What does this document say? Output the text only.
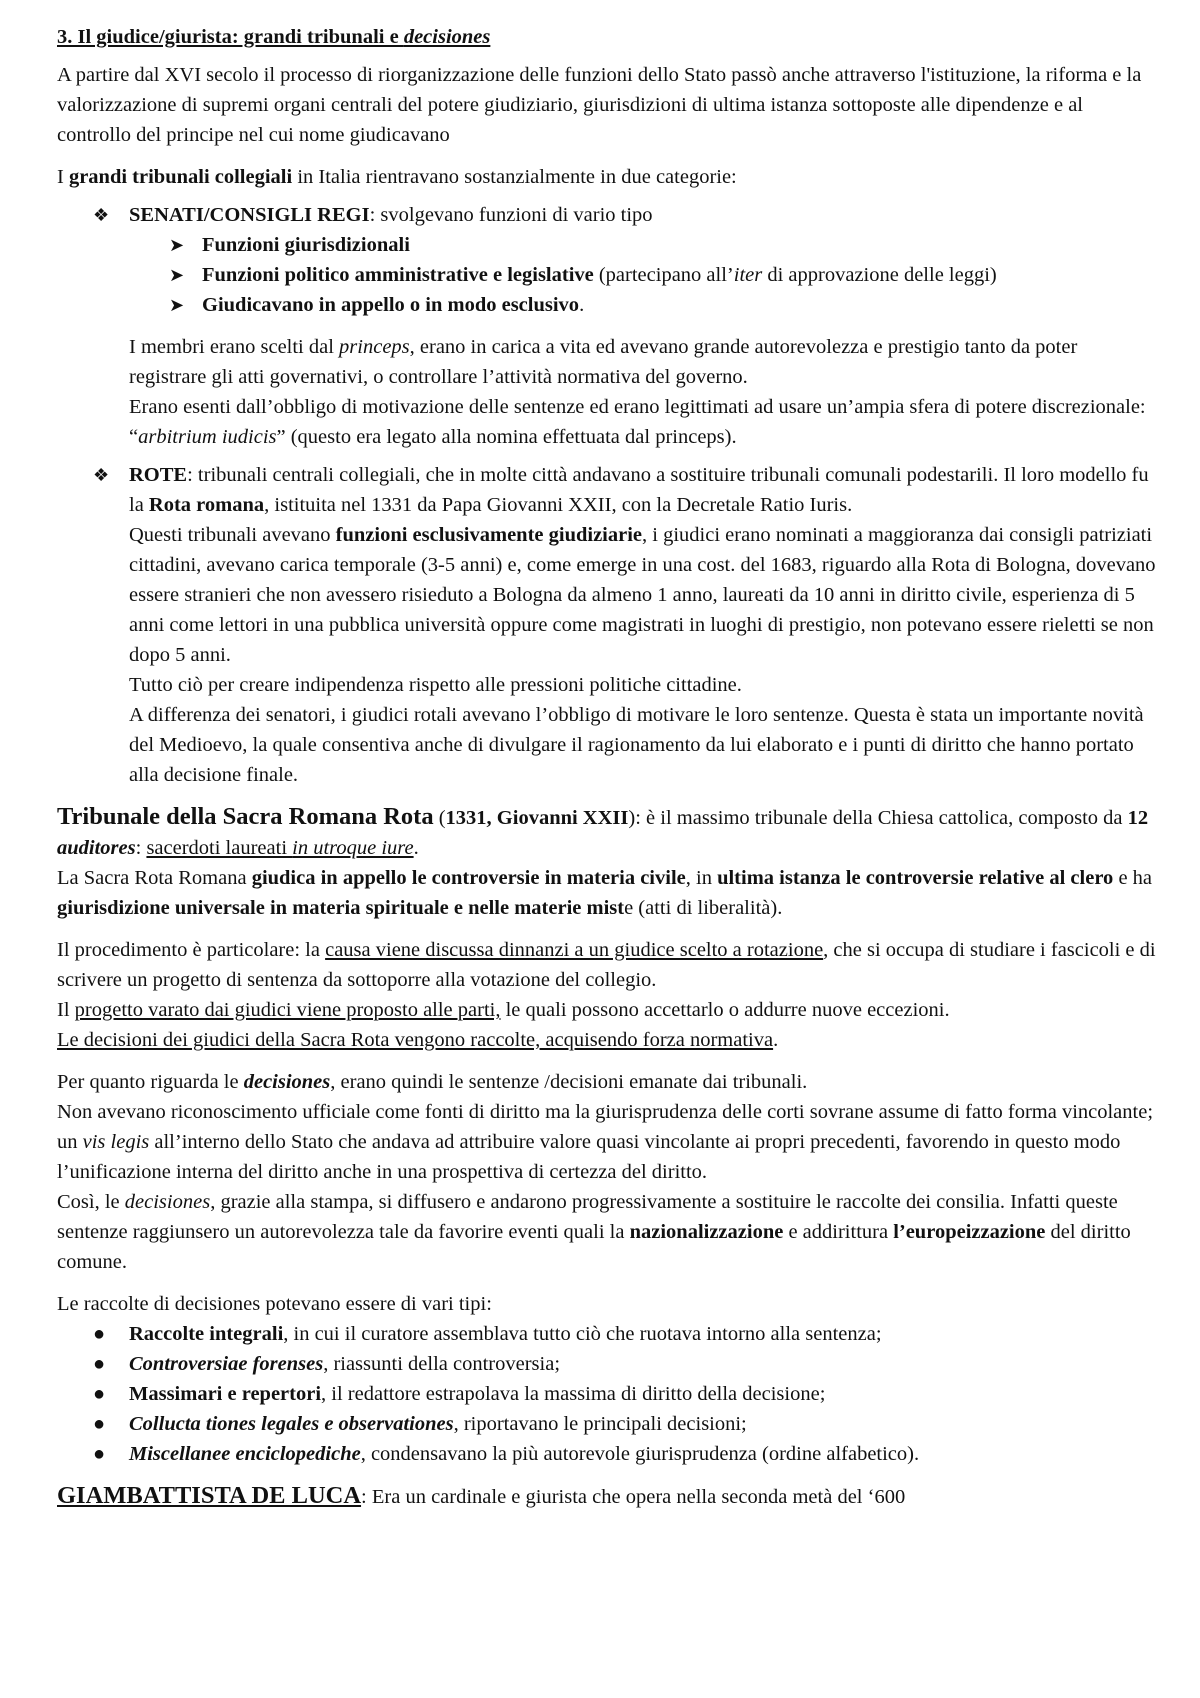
3. Il giudice/giurista: grandi tribunali e decisiones

A partire dal XVI secolo il processo di riorganizzazione delle funzioni dello Stato passò anche attraverso l'istituzione, la riforma e la valorizzazione di supremi organi centrali del potere giudiziario, giurisdizioni di ultima istanza sottoposte alle dipendenze e al controllo del principe nel cui nome giudicavano

I grandi tribunali collegiali in Italia rientravano sostanzialmente in due categorie:

❖ SENATI/CONSIGLI REGI: svolgevano funzioni di vario tipo
➤ Funzioni giurisdizionali
➤ Funzioni politico amministrative e legislative (partecipano all’iter di approvazione delle leggi)
➤ Giudicavano in appello o in modo esclusivo.

I membri erano scelti dal princeps, erano in carica a vita ed avevano grande autorevolezza e prestigio tanto da poter registrare gli atti governativi, o controllare l’attività normativa del governo.

Erano esenti dall’obbligo di motivazione delle sentenze ed erano legittimati ad usare un’ampia sfera di potere discrezionale: “arbitrium iudicis” (questo era legato alla nomina effettuata dal princeps).

❖ ROTE: tribunali centrali collegiali, che in molte città andavano a sostituire tribunali comunali podestarili. Il loro modello fu la Rota romana, istituita nel 1331 da Papa Giovanni XXII, con la Decretale Ratio Iuris.

Questi tribunali avevano funzioni esclusivamente giudiziarie, i giudici erano nominati a maggioranza dai consigli patriziati cittadini, avevano carica temporale (3-5 anni) e, come emerge in una cost. del 1683, riguardo alla Rota di Bologna, dovevano essere stranieri che non avessero risieduto a Bologna da almeno 1 anno, laureati da 10 anni in diritto civile, esperienza di 5 anni come lettori in una pubblica università oppure come magistrati in luoghi di prestigio, non potevano essere rieletti se non dopo 5 anni.

Tutto ciò per creare indipendenza rispetto alle pressioni politiche cittadine.

A differenza dei senatori, i giudici rotali avevano l’obbligo di motivare le loro sentenze. Questa è stata un importante novità del Medioevo, la quale consentiva anche di divulgare il ragionamento da lui elaborato e i punti di diritto che hanno portato alla decisione finale.

Tribunale della Sacra Romana Rota (1331, Giovanni XXII): è il massimo tribunale della Chiesa cattolica, composto da 12 auditores: sacerdoti laureati in utroque iure.

La Sacra Rota Romana giudica in appello le controversie in materia civile, in ultima istanza le controversie relative al clero e ha giurisdizione universale in materia spirituale e nelle materie miste (atti di liberalità).

Il procedimento è particolare: la causa viene discussa dinnanzi a un giudice scelto a rotazione, che si occupa di studiare i fascicoli e di scrivere un progetto di sentenza da sottoporre alla votazione del collegio.

Il progetto varato dai giudici viene proposto alle parti, le quali possono accettarlo o addurre nuove eccezioni.

Le decisioni dei giudici della Sacra Rota vengono raccolte, acquisendo forza normativa.

Per quanto riguarda le decisiones, erano quindi le sentenze /decisioni emanate dai tribunali.

Non avevano riconoscimento ufficiale come fonti di diritto ma la giurisprudenza delle corti sovrane assume di fatto forma vincolante; un vis legis all’interno dello Stato che andava ad attribuire valore quasi vincolante ai propri precedenti, favorendo in questo modo l’unificazione interna del diritto anche in una prospettiva di certezza del diritto.

Così, le decisiones, grazie alla stampa, si diffusero e andarono progressivamente a sostituire le raccolte dei consilia. Infatti queste sentenze raggiunsero un autorevolezza tale da favorire eventi quali la nazionalizzazione e addirittura l’europeizzazione del diritto comune.

Le raccolte di decisiones potevano essere di vari tipi:

● Raccolte integrali, in cui il curatore assemblava tutto ciò che ruotava intorno alla sentenza;
● Controversiae forenses, riassunti della controversia;
● Massimari e repertori, il redattore estrapolava la massima di diritto della decisione;
● Collucta tiones legales e observationes, riportavano le principali decisioni;
● Miscellanee enciclopediche, condensavano la più autorevole giurisprudenza (ordine alfabetico).

GIAMBATTISTA DE LUCA: Era un cardinale e giurista che opera nella seconda metà del ‘600
